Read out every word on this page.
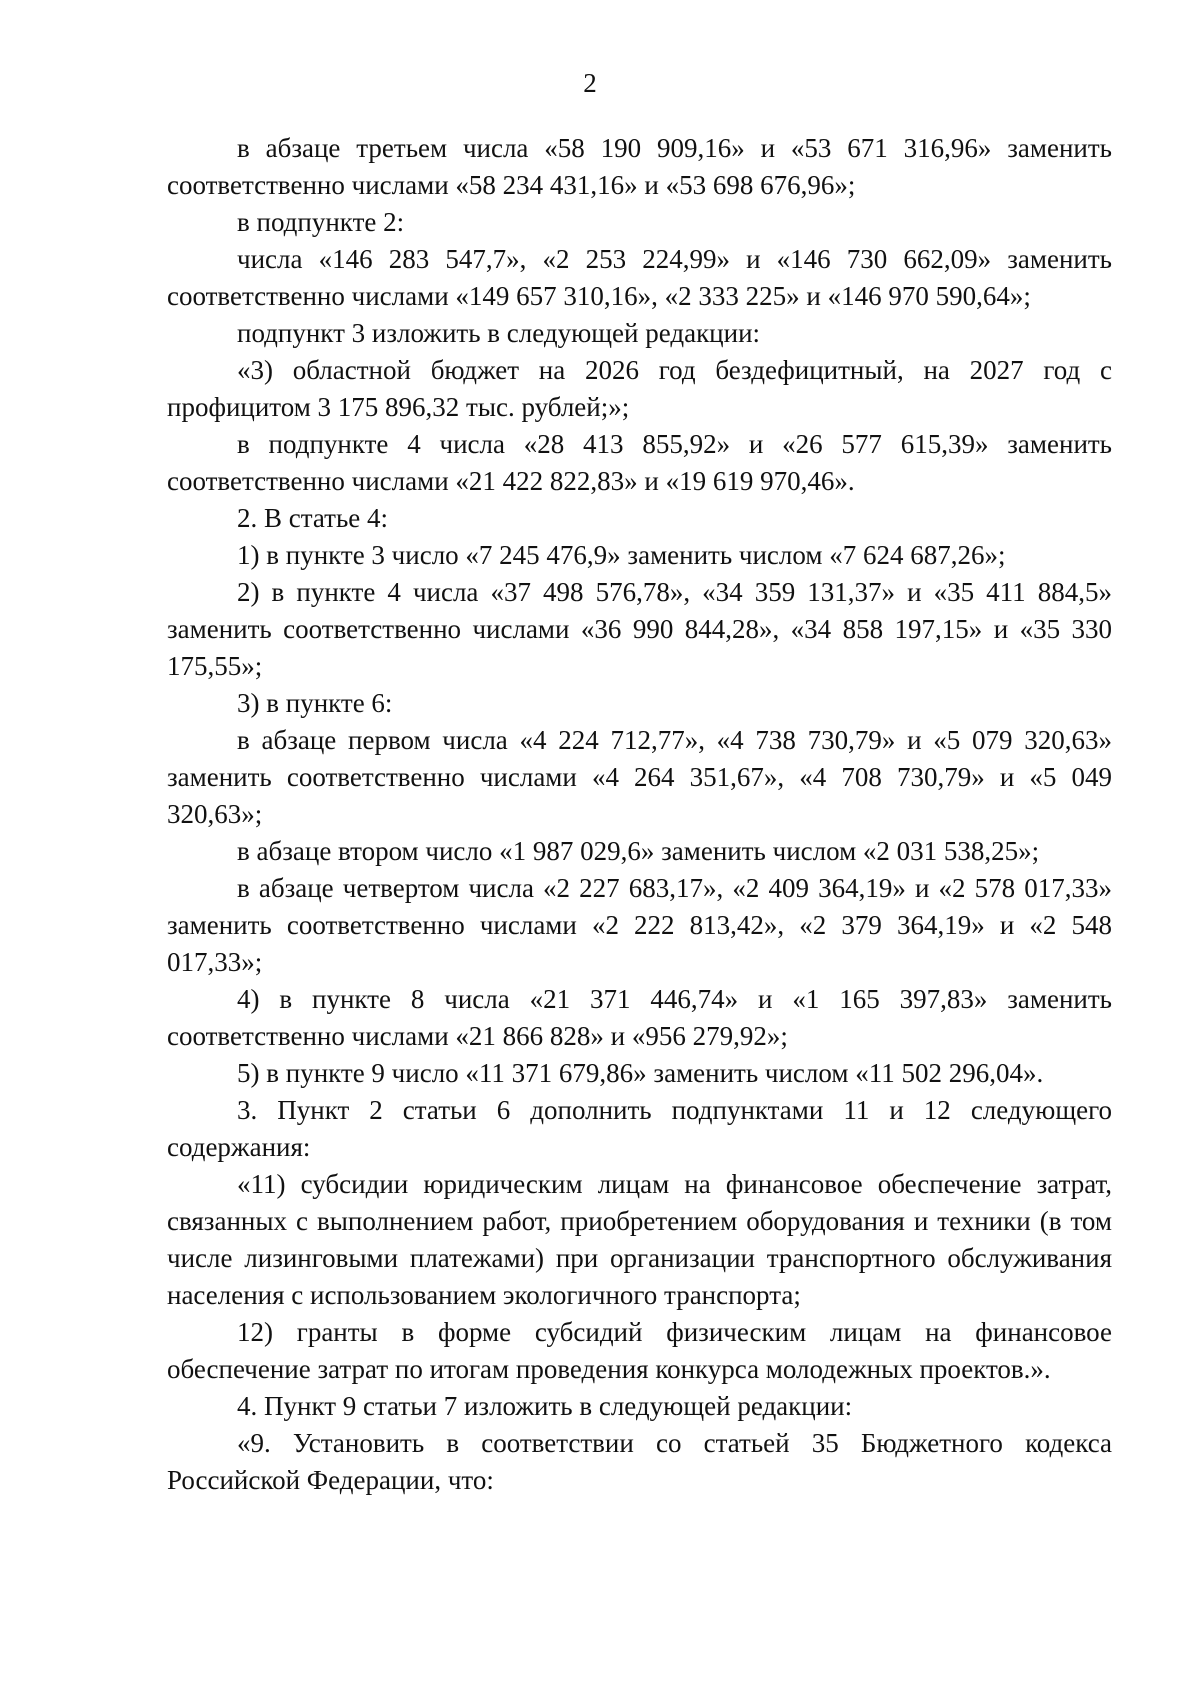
2

в абзаце третьем числа «58 190 909,16» и «53 671 316,96» заменить соответственно числами «58 234 431,16» и «53 698 676,96»;

в подпункте 2:

числа «146 283 547,7», «2 253 224,99» и «146 730 662,09» заменить соответственно числами «149 657 310,16», «2 333 225» и «146 970 590,64»;

подпункт 3 изложить в следующей редакции:

«3) областной бюджет на 2026 год бездефицитный, на 2027 год с профицитом 3 175 896,32 тыс. рублей;»;

в подпункте 4 числа «28 413 855,92» и «26 577 615,39» заменить соответственно числами «21 422 822,83» и «19 619 970,46».

2. В статье 4:

1) в пункте 3 число «7 245 476,9» заменить числом «7 624 687,26»;

2) в пункте 4 числа «37 498 576,78», «34 359 131,37» и «35 411 884,5» заменить соответственно числами «36 990 844,28», «34 858 197,15» и «35 330 175,55»;

3) в пункте 6:

в абзаце первом числа «4 224 712,77», «4 738 730,79» и «5 079 320,63» заменить соответственно числами «4 264 351,67», «4 708 730,79» и «5 049 320,63»;

в абзаце втором число «1 987 029,6» заменить числом «2 031 538,25»;

в абзаце четвертом числа «2 227 683,17», «2 409 364,19» и «2 578 017,33» заменить соответственно числами «2 222 813,42», «2 379 364,19» и «2 548 017,33»;

4) в пункте 8 числа «21 371 446,74» и «1 165 397,83» заменить соответственно числами «21 866 828» и «956 279,92»;

5) в пункте 9 число «11 371 679,86» заменить числом «11 502 296,04».

3. Пункт 2 статьи 6 дополнить подпунктами 11 и 12 следующего содержания:

«11) субсидии юридическим лицам на финансовое обеспечение затрат, связанных с выполнением работ, приобретением оборудования и техники (в том числе лизинговыми платежами) при организации транспортного обслуживания населения с использованием экологичного транспорта;

12) гранты в форме субсидий физическим лицам на финансовое обеспечение затрат по итогам проведения конкурса молодежных проектов.».

4. Пункт 9 статьи 7 изложить в следующей редакции:

«9. Установить в соответствии со статьей 35 Бюджетного кодекса Российской Федерации, что:
